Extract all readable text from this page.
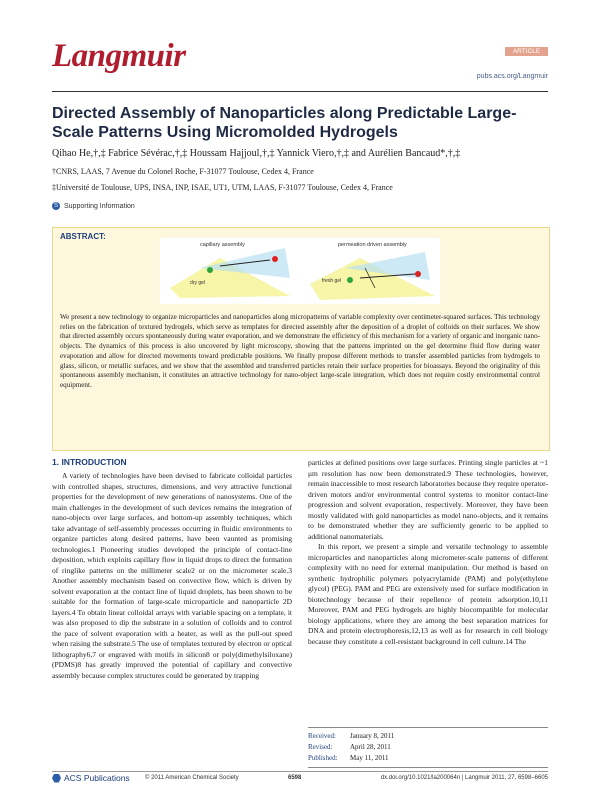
Langmuir	ARTICLE
pubs.acs.org/Langmuir
Directed Assembly of Nanoparticles along Predictable Large-Scale Patterns Using Micromolded Hydrogels
Qihao He,†,‡ Fabrice Sévérac,†,‡ Houssam Hajjoul,†,‡ Yannick Viero,†,‡ and Aurélien Bancaud*,†,‡
†CNRS, LAAS, 7 Avenue du Colonel Roche, F-31077 Toulouse, Cedex 4, France
‡Université de Toulouse, UPS, INSA, INP, ISAE, UT1, UTM, LAAS, F-31077 Toulouse, Cedex 4, France
S Supporting Information
ABSTRACT:
dry gel
capillary assembly
fresh gel
permeation driven assembly
We present a new technology to organize microparticles and nanoparticles along micropatterns of variable complexity over centimeter-squared surfaces. This technology relies on the fabrication of textured hydrogels, which serve as templates for directed assembly after the deposition of a droplet of colloids on their surfaces. We show that directed assembly occurs spontaneously during water evaporation, and we demonstrate the efficiency of this mechanism for a variety of organic and inorganic nano-objects. The dynamics of this process is also uncovered by light microscopy, showing that the patterns imprinted on the gel determine fluid flow during water evaporation and allow for directed movements toward predictable positions. We finally propose different methods to transfer assembled particles from hydrogels to glass, silicon, or metallic surfaces, and we show that the assembled and transferred particles retain their surface properties for bioassays. Beyond the originality of this spontaneous assembly mechanism, it constitutes an attractive technology for nano-object large-scale integration, which does not require costly environmental control equipment.
1. INTRODUCTION

A variety of technologies have been devised to fabricate colloidal particles with controlled shapes, structures, dimensions, and very attractive functional properties for the development of new generations of nanosystems. One of the main challenges in the development of such devices remains the integration of nano-objects over large surfaces, and bottom-up assembly techniques, which take advantage of self-assembly processes occurring in fluidic environments to organize particles along desired patterns, have been vaunted as promising technologies.1 Pioneering studies developed the principle of contact-line deposition, which exploits capillary flow in liquid drops to direct the formation of ringlike patterns on the millimeter scale2 or on the micrometer scale.3 Another assembly mechanism based on convective flow, which is driven by solvent evaporation at the contact line of liquid droplets, has been shown to be suitable for the formation of large-scale microparticle and nanoparticle 2D layers.4 To obtain linear colloidal arrays with variable spacing on a template, it was also proposed to dip the substrate in a solution of colloids and to control the pace of solvent evaporation with a heater, as well as the pull-out speed when raising the substrate.5 The use of templates textured by electron or optical lithography6,7 or engraved with motifs in silicon8 or poly(dimethylsiloxane) (PDMS)8 has greatly improved the potential of capillary and convective assembly because complex structures could be generated by trapping

particles at defined positions over large surfaces. Printing single particles at ~1 μm resolution has now been demonstrated.9 These technologies, however, remain inaccessible to most research laboratories because they require operator-driven motors and/or environmental control systems to monitor contact-line progression and solvent evaporation, respectively. Moreover, they have been mostly validated with gold nanoparticles as model nano-objects, and it remains to be demonstrated whether they are sufficiently generic to be applied to additional nanomaterials.

In this report, we present a simple and versatile technology to assemble microparticles and nanoparticles along micrometer-scale patterns of different complexity with no need for external manipulation. Our method is based on synthetic hydrophilic polymers polyacrylamide (PAM) and poly(ethylene glycol) (PEG). PAM and PEG are extensively used for surface modification in biotechnology because of their repellence of protein adsorption.10,11 Moreover, PAM and PEG hydrogels are highly biocompatible for molecular biology applications, where they are among the best separation matrices for DNA and protein electrophoresis,12,13 as well as for research in cell biology because they constitute a cell-resistant background in cell culture.14 The

Received: January 8, 2011
Revised:	April 28, 2011
Published: May 11, 2011
ACS Publications	© 2011 American Chemical Society	6598	dx.doi.org/10.1021/la200064n | Langmuir 2011, 27, 6598–6605
